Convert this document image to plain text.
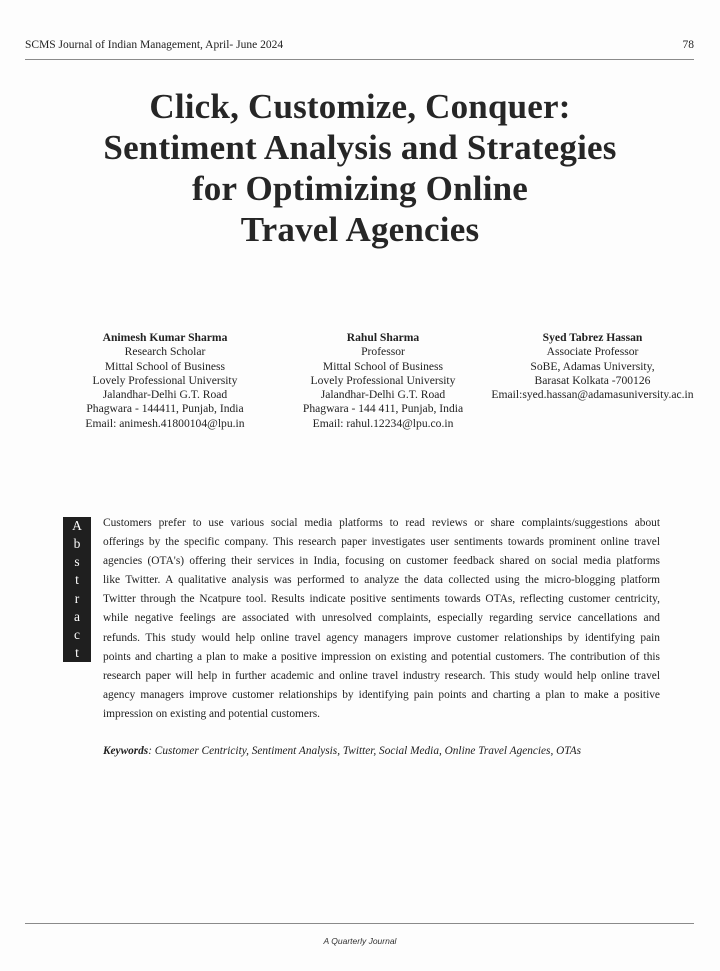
SCMS Journal of Indian Management, April- June 2024	78
Click, Customize, Conquer:
Sentiment Analysis and Strategies
for Optimizing Online
Travel Agencies
Animesh Kumar Sharma
Research Scholar
Mittal School of Business
Lovely Professional University
Jalandhar-Delhi G.T. Road
Phagwara - 144411, Punjab, India
Email: animesh.41800104@lpu.in
Rahul Sharma
Professor
Mittal School of Business
Lovely Professional University
Jalandhar-Delhi G.T. Road
Phagwara - 144 411, Punjab, India
Email: rahul.12234@lpu.co.in
Syed Tabrez Hassan
Associate Professor
SoBE, Adamas University,
Barasat Kolkata -700126
Email:syed.hassan@adamasuniversity.ac.in
A
b
s
t
r
a
c
t
Customers prefer to use various social media platforms to read reviews or share complaints/suggestions about
offerings by the specific company. This research paper investigates user sentiments towards prominent online travel
agencies (OTA's) offering their services in India, focusing on customer feedback shared on social media platforms
like Twitter. A qualitative analysis was performed to analyze the data collected using the micro-blogging platform
Twitter through the Ncatpure tool. Results indicate positive sentiments towards OTAs, reflecting customer centricity,
while negative feelings are associated with unresolved complaints, especially regarding service cancellations and
refunds. This study would help online travel agency managers improve customer relationships by identifying pain
points and charting a plan to make a positive impression on existing and potential customers. The contribution of this
research paper will help in further academic and online travel industry research. This study would help online travel
agency managers improve customer relationships by identifying pain points and charting a plan to make a positive
impression on existing and potential customers.
Keywords: Customer Centricity, Sentiment Analysis, Twitter, Social Media, Online Travel Agencies, OTAs
A Quarterly Journal
